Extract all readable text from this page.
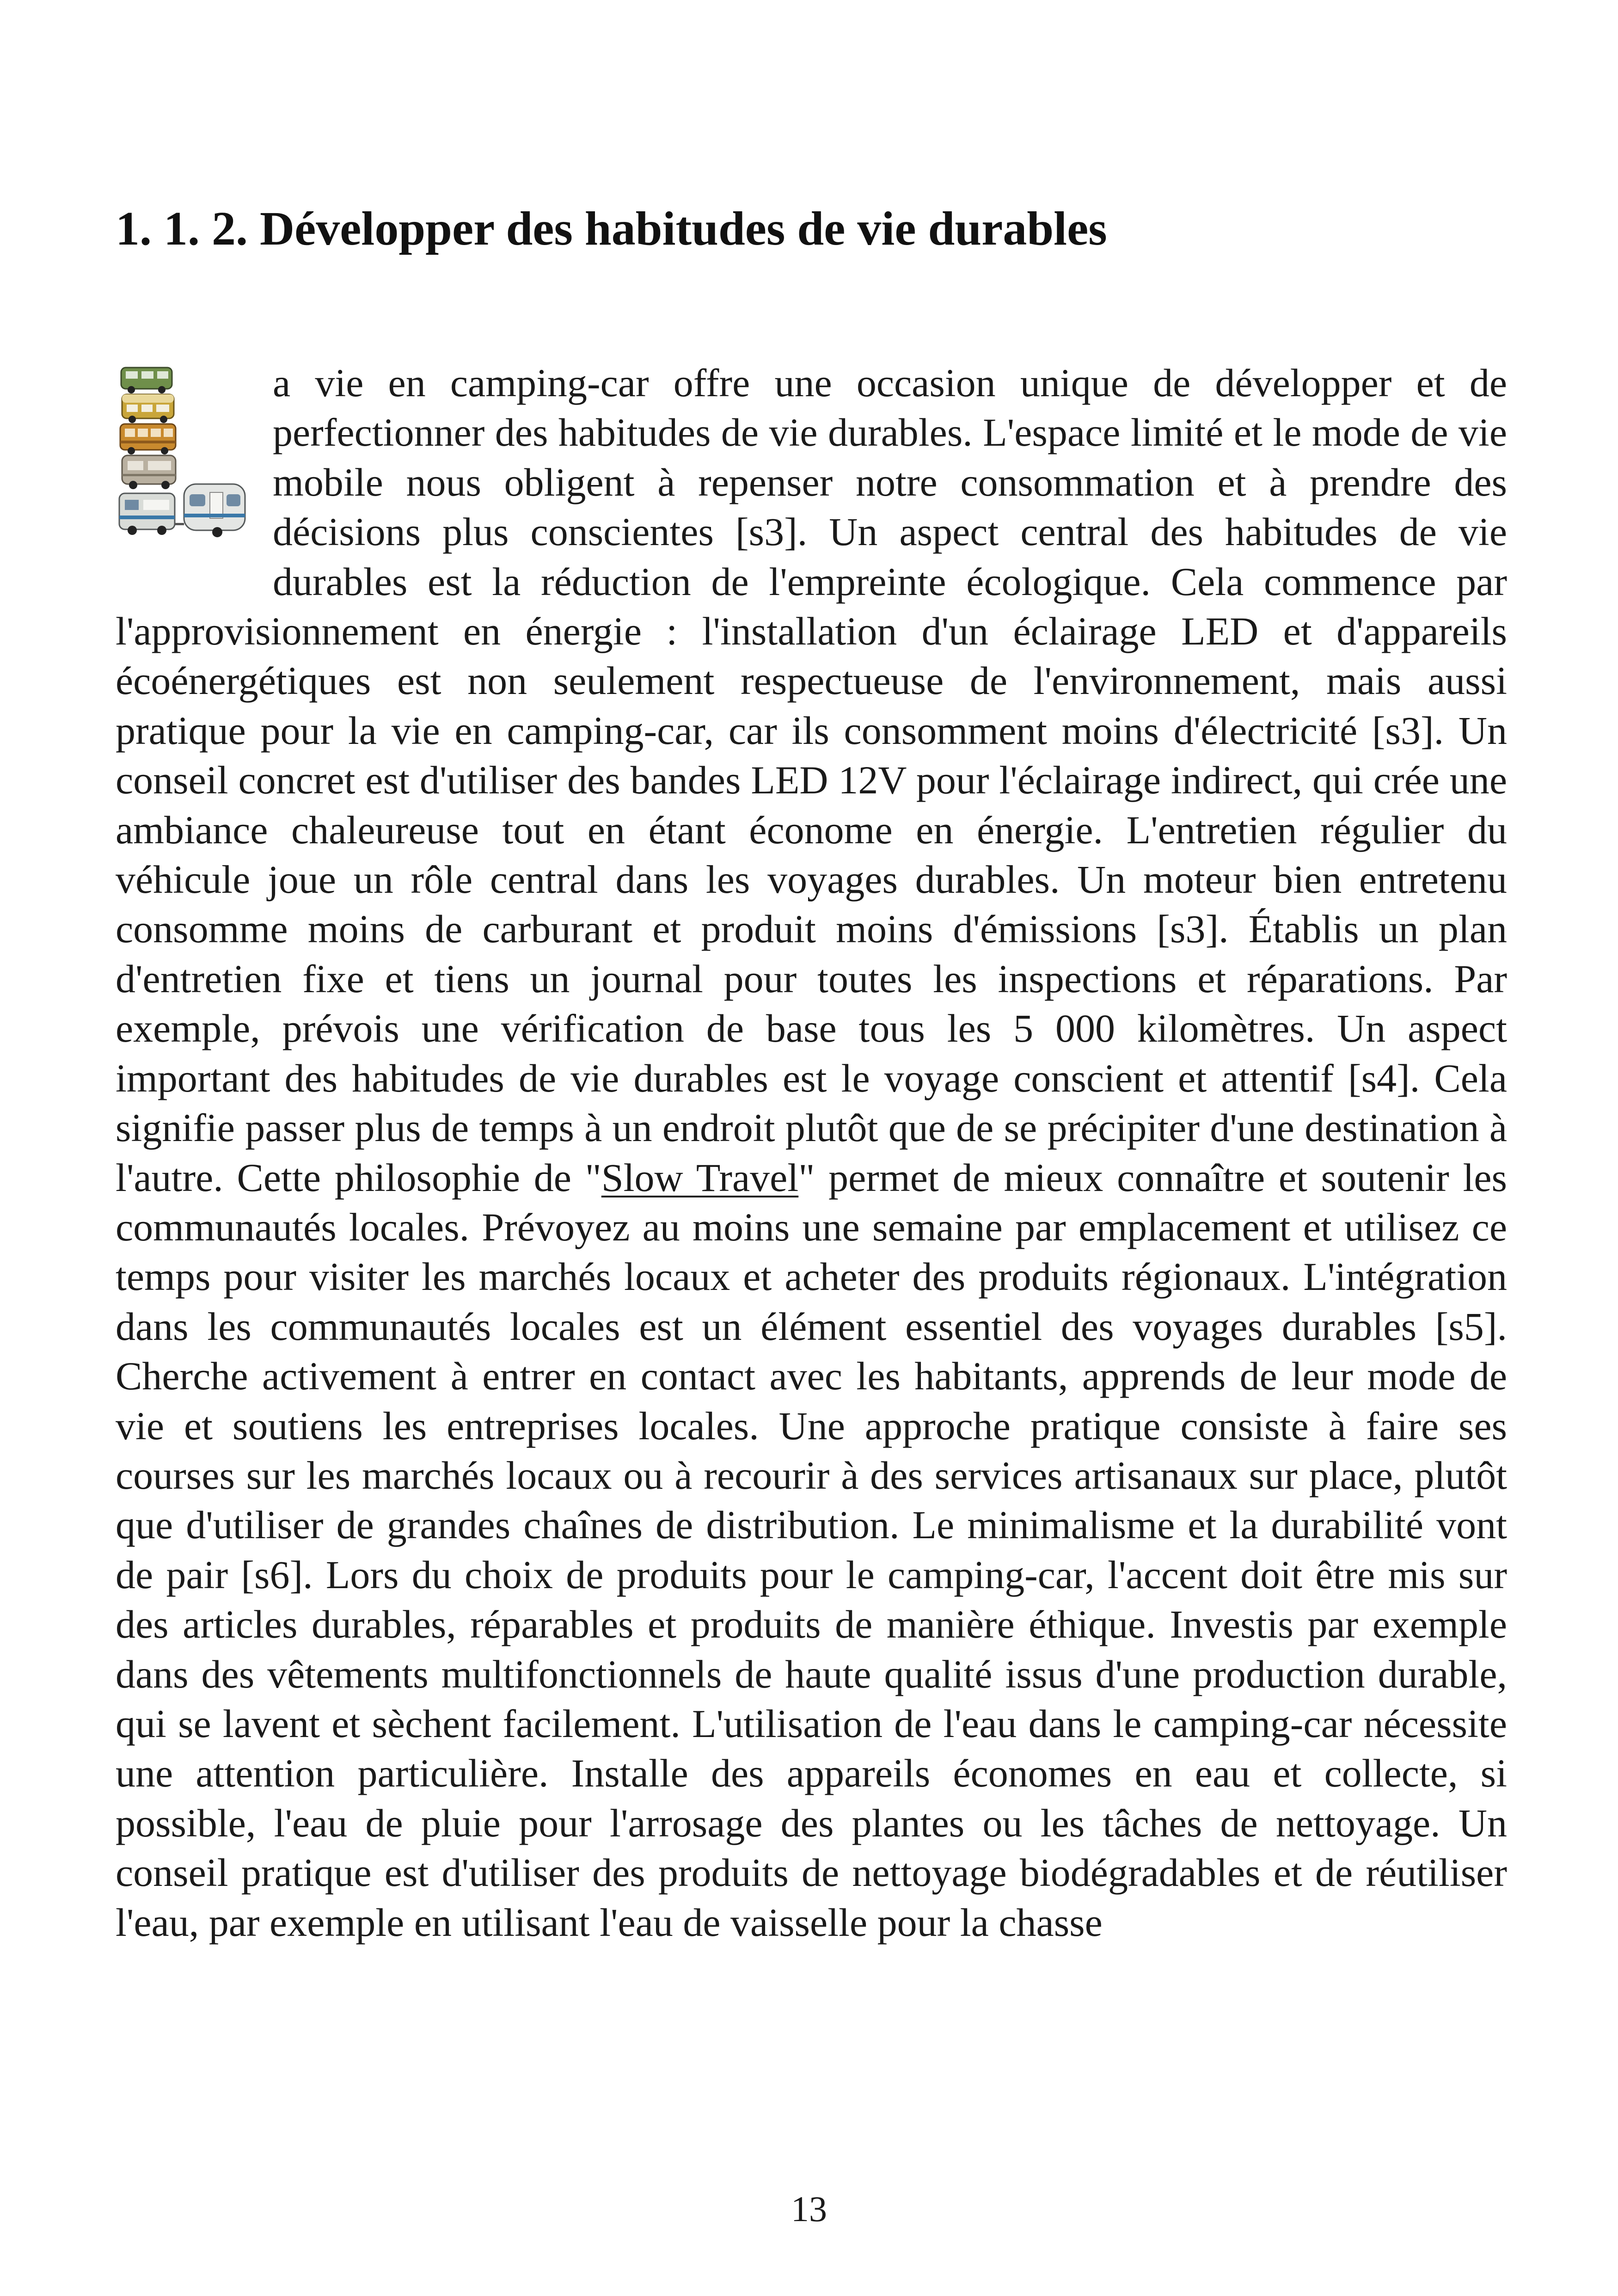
1. 1. 2. Développer des habitudes de vie durables

a vie en camping-car offre une occasion unique de développer et de perfectionner des habitudes de vie durables. L'espace limité et le mode de vie mobile nous obligent à repenser notre consommation et à prendre des décisions plus conscientes [s3]. Un aspect central des habitudes de vie durables est la réduction de l'empreinte écologique. Cela commence par l'approvisionnement en énergie : l'installation d'un éclairage LED et d'appareils écoénergétiques est non seulement respectueuse de l'environnement, mais aussi pratique pour la vie en camping-car, car ils consomment moins d'électricité [s3]. Un conseil concret est d'utiliser des bandes LED 12V pour l'éclairage indirect, qui crée une ambiance chaleureuse tout en étant économe en énergie. L'entretien régulier du véhicule joue un rôle central dans les voyages durables. Un moteur bien entretenu consomme moins de carburant et produit moins d'émissions [s3]. Établis un plan d'entretien fixe et tiens un journal pour toutes les inspections et réparations. Par exemple, prévois une vérification de base tous les 5 000 kilomètres. Un aspect important des habitudes de vie durables est le voyage conscient et attentif [s4]. Cela signifie passer plus de temps à un endroit plutôt que de se précipiter d'une destination à l'autre. Cette philosophie de "Slow Travel" permet de mieux connaître et soutenir les communautés locales. Prévoyez au moins une semaine par emplacement et utilisez ce temps pour visiter les marchés locaux et acheter des produits régionaux. L'intégration dans les communautés locales est un élément essentiel des voyages durables [s5]. Cherche activement à entrer en contact avec les habitants, apprends de leur mode de vie et soutiens les entreprises locales. Une approche pratique consiste à faire ses courses sur les marchés locaux ou à recourir à des services artisanaux sur place, plutôt que d'utiliser de grandes chaînes de distribution. Le minimalisme et la durabilité vont de pair [s6]. Lors du choix de produits pour le camping-car, l'accent doit être mis sur des articles durables, réparables et produits de manière éthique. Investis par exemple dans des vêtements multifonctionnels de haute qualité issus d'une production durable, qui se lavent et sèchent facilement. L'utilisation de l'eau dans le camping-car nécessite une attention particulière. Installe des appareils économes en eau et collecte, si possible, l'eau de pluie pour l'arrosage des plantes ou les tâches de nettoyage. Un conseil pratique est d'utiliser des produits de nettoyage biodégradables et de réutiliser l'eau, par exemple en utilisant l'eau de vaisselle pour la chasse

13
